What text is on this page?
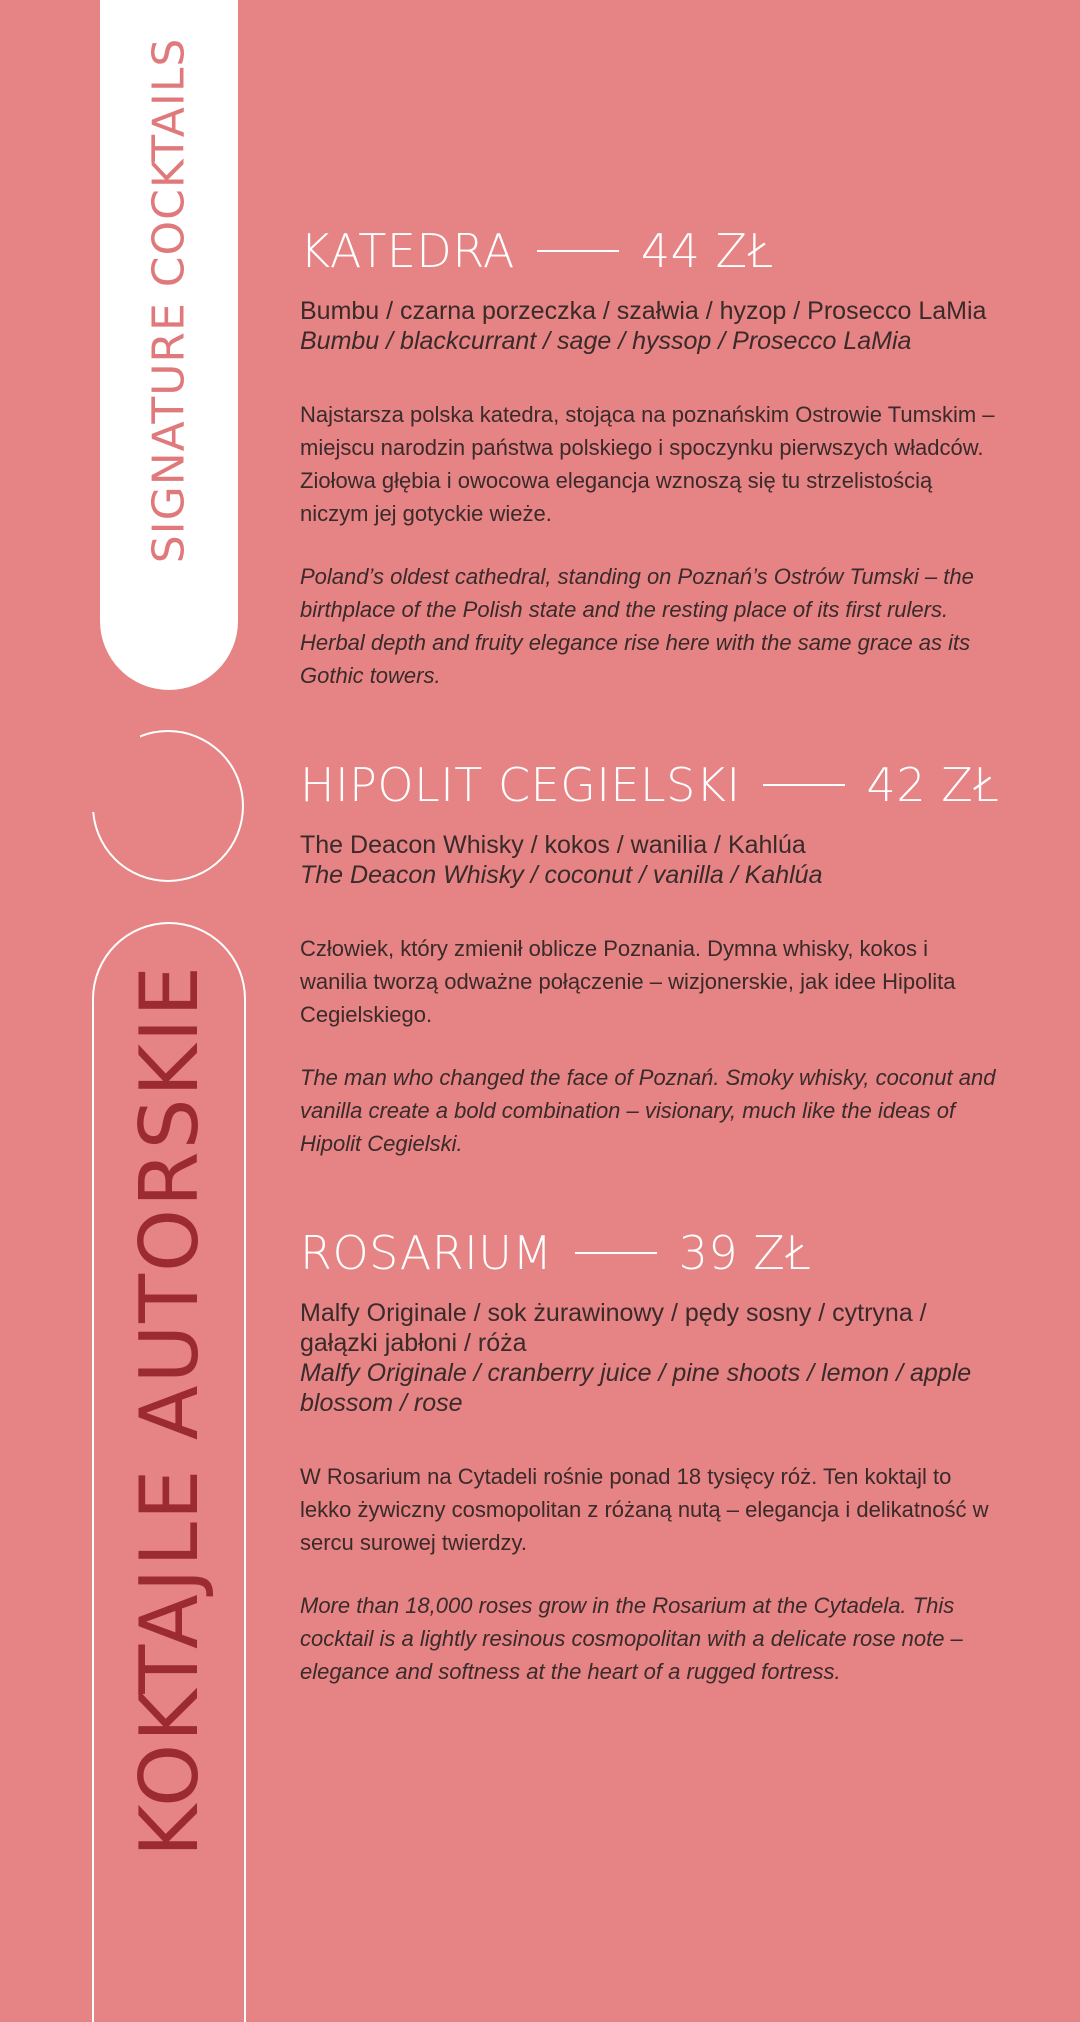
SIGNATURE COCKTAILS
KOKTAJLE AUTORSKIE
KATEDRA	44 ZŁ

Bumbu / czarna porzeczka / szałwia / hyzop / Prosecco LaMia

Bumbu / blackcurrant / sage / hyssop / Prosecco LaMia

Najstarsza polska katedra, stojąca na poznańskim Ostrowie Tumskim – miejscu narodzin państwa polskiego i spoczynku pierwszych władców. Ziołowa głębia i owocowa elegancja wznoszą się tu strzelistością niczym jej gotyckie wieże.

Poland’s oldest cathedral, standing on Poznań’s Ostrów Tumski – the birthplace of the Polish state and the resting place of its first rulers. Herbal depth and fruity elegance rise here with the same grace as its Gothic towers.

HIPOLIT CEGIELSKI	42 ZŁ

The Deacon Whisky / kokos / wanilia / Kahlúa

The Deacon Whisky / coconut / vanilla / Kahlúa

Człowiek, który zmienił oblicze Poznania. Dymna whisky, kokos i wanilia tworzą odważne połączenie – wizjonerskie, jak idee Hipolita Cegielskiego.

The man who changed the face of Poznań. Smoky whisky, coconut and vanilla create a bold combination – visionary, much like the ideas of Hipolit Cegielski.

ROSARIUM	39 ZŁ

Malfy Originale / sok żurawinowy / pędy sosny / cytryna / gałązki jabłoni / róża

Malfy Originale / cranberry juice / pine shoots / lemon / apple blossom / rose

W Rosarium na Cytadeli rośnie ponad 18 tysięcy róż. Ten koktajl to lekko żywiczny cosmopolitan z różaną nutą – elegancja i delikatność w sercu surowej twierdzy.

More than 18,000 roses grow in the Rosarium at the Cytadela. This cocktail is a lightly resinous cosmopolitan with a delicate rose note – elegance and softness at the heart of a rugged fortress.
